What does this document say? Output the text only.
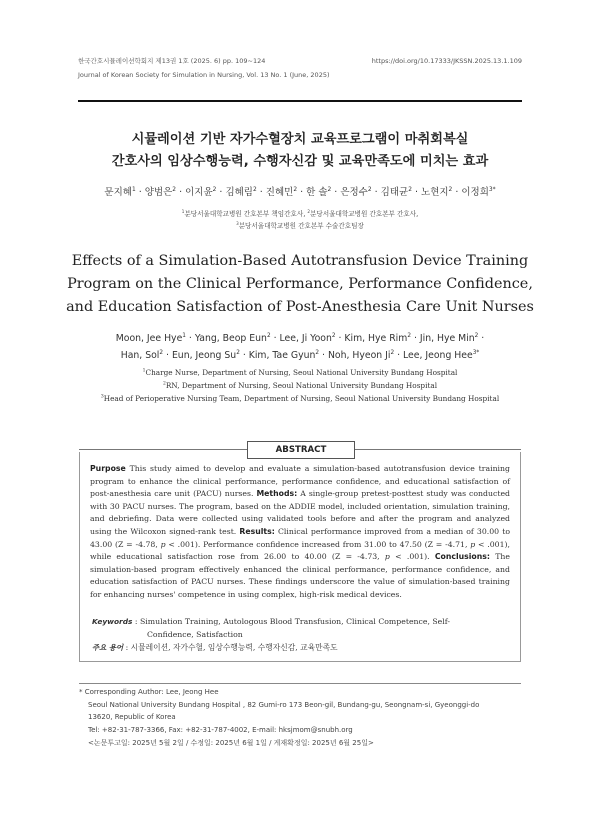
한국간호시뮬레이션학회지 제13권 1호 (2025. 6) pp. 109~124
Journal of Korean Society for Simulation in Nursing, Vol. 13 No. 1 (June, 2025)
https://doi.org/10.17333/JKSSN.2025.13.1.109
시뮬레이션 기반 자가수혈장치 교육프로그램이 마취회복실
간호사의 임상수행능력, 수행자신감 및 교육만족도에 미치는 효과
문지혜$^1$ · 양범은$^2$ · 이지윤$^2$ · 김혜림$^2$ · 진혜민$^2$ · 한 솔$^2$ · 은정수$^2$ · 김태균$^2$ · 노현지$^2$ · 이정희$^{3*}$
$^1$분당서울대학교병원 간호본부 책임간호사, $^2$분당서울대학교병원 간호본부 간호사,
$^3$분당서울대학교병원 간호본부 수술간호팀장
Effects of a Simulation-Based Autotransfusion Device Training
Program on the Clinical Performance, Performance Confidence,
and Education Satisfaction of Post-Anesthesia Care Unit Nurses
Moon, Jee Hye$^1$ · Yang, Beop Eun$^2$ · Lee, Ji Yoon$^2$ · Kim, Hye Rim$^2$ · Jin, Hye Min$^2$ ·
Han, Sol$^2$ · Eun, Jeong $Su^2$ · Kim, Tae Gyun$^2$ · Noh, Hyeon $Ji^2$ · Lee, Jeong Hee$^{3*}$
$^1$Charge Nurse, Department of Nursing, Seoul National University Bundang Hospital
$^2$RN, Department of Nursing, Seoul National University Bundang Hospital
$^3$Head of Perioperative Nursing Team, Department of Nursing, Seoul National University Bundang Hospital
ABSTRACT
Purpose This study aimed to develop and evaluate a simulation-based autotransfusion device training program to enhance the clinical performance, performance confidence, and educational satisfaction of post-anesthesia care unit (PACU) nurses. Methods: A single-group pretest-posttest study was conducted with 30 PACU nurses. The program, based on the ADDIE model, included orientation, simulation training, and debriefing. Data were collected using validated tools before and after the program and analyzed using the Wilcoxon signed-rank test. Results: Clinical performance improved from a median of 30.00 to 43.00 (Z = -4.78, p < .001). Performance confidence increased from 31.00 to 47.50 (Z = -4.71, p < .001), while educational satisfaction rose from 26.00 to 40.00 (Z = -4.73, p < .001). Conclusions: The simulation-based program effectively enhanced the clinical performance, performance confidence, and education satisfaction of PACU nurses. These findings underscore the value of simulation-based training for enhancing nurses' competence in using complex, high-risk medical devices.
Keywords : Simulation Training, Autologous Blood Transfusion, Clinical Competence, Self-
Confidence, Satisfaction
주요 용어 : 시뮬레이션, 자가수혈, 임상수행능력, 수행자신감, 교육만족도
* Corresponding Author: Lee, Jeong Hee
Seoul National University Bundang Hospital , 82 Gumi-ro 173 Beon-gil, Bundang-gu, Seongnam-si, Gyeonggi-do
13620, Republic of Korea
Tel: +82-31-787-3366, Fax: +82-31-787-4002, E-mail: hksjmom@snubh.org
<논문투고일: 2025년 5월 2일 / 수정일: 2025년 6월 1일 / 게재확정일: 2025년 6월 25일>
